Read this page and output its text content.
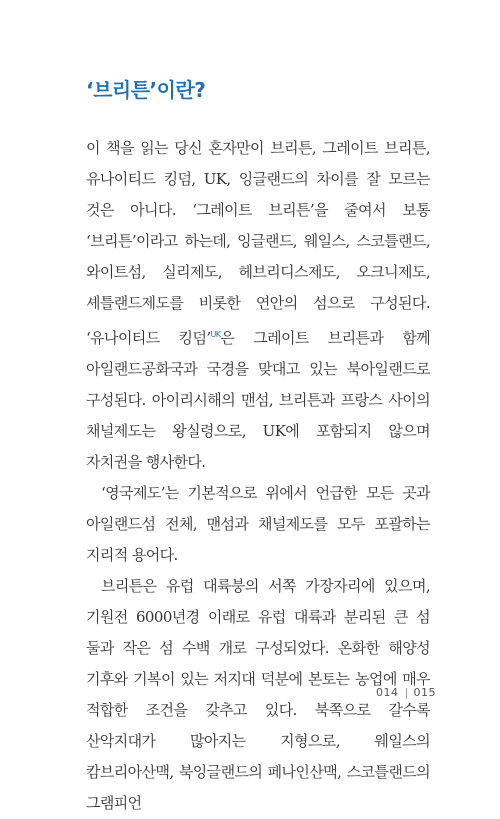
‘브리튼’이란?

이 책을 읽는 당신 혼자만이 브리튼, 그레이트 브리튼, 유나이티드 킹덤, UK, 잉글랜드의 차이를 잘 모르는 것은 아니다. ‘그레이트 브리튼’을 줄여서 보통 ‘브리튼’이라고 하는데, 잉글랜드, 웨일스, 스코틀랜드, 와이트섬, 실리제도, 헤브리디스제도, 오크니제도, 셰틀랜드제도를 비롯한 연안의 섬으로 구성된다. ‘유나이티드 킹덤’$^{UK}$은 그레이트 브리튼과 함께 아일랜드공화국과 국경을 맞대고 있는 북아일랜드로 구성된다. 아이리시해의 맨섬, 브리튼과 프랑스 사이의 채널제도는 왕실령으로, UK에 포함되지 않으며 자치권을 행사한다.

‘영국제도’는 기본적으로 위에서 언급한 모든 곳과 아일랜드섬 전체, 맨섬과 채널제도를 모두 포괄하는 지리적 용어다.

브리튼은 유럽 대륙붕의 서쪽 가장자리에 있으며, 기원전 6000년경 이래로 유럽 대륙과 분리된 큰 섬 둘과 작은 섬 수백 개로 구성되었다. 온화한 해양성 기후와 기복이 있는 저지대 덕분에 본토는 농업에 매우 적합한 조건을 갖추고 있다. 북쪽으로 갈수록 산악지대가 많아지는 지형으로, 웨일스의 캄브리아산맥, 북잉글랜드의 페나인산맥, 스코틀랜드의 그램피언

014 015
